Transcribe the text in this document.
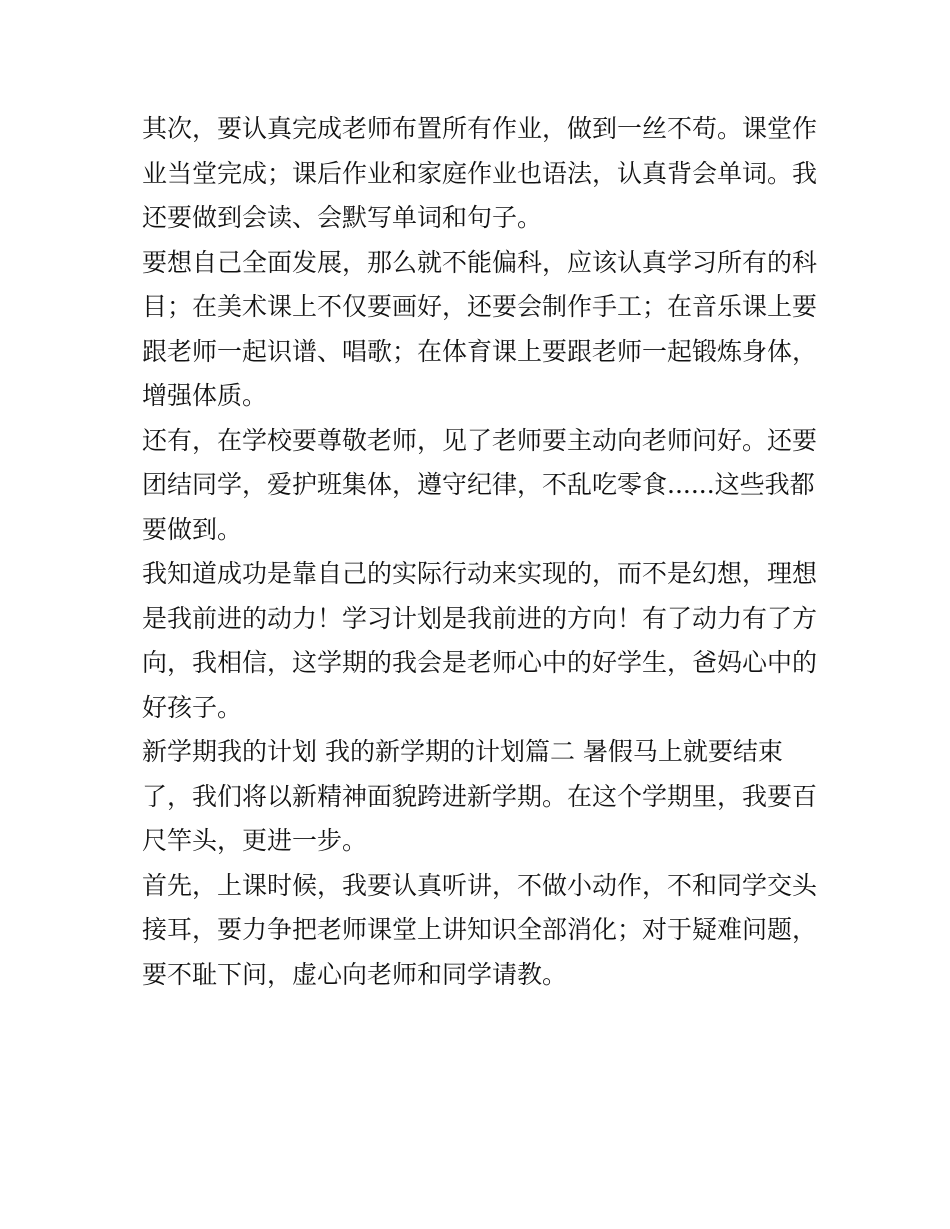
其次，要认真完成老师布置所有作业，做到一丝不苟。课堂作
业当堂完成；课后作业和家庭作业也语法，认真背会单词。我
还要做到会读、会默写单词和句子。
要想自己全面发展，那么就不能偏科，应该认真学习所有的科
目；在美术课上不仅要画好，还要会制作手工；在音乐课上要
跟老师一起识谱、唱歌；在体育课上要跟老师一起锻炼身体，
增强体质。
还有，在学校要尊敬老师，见了老师要主动向老师问好。还要
团结同学，爱护班集体，遵守纪律，不乱吃零食......这些我都
要做到。
我知道成功是靠自己的实际行动来实现的，而不是幻想，理想
是我前进的动力！学习计划是我前进的方向！有了动力有了方
向，我相信，这学期的我会是老师心中的好学生，爸妈心中的
好孩子。
新学期我的计划 我的新学期的计划篇二 暑假马上就要结束
了，我们将以新精神面貌跨进新学期。在这个学期里，我要百
尺竿头，更进一步。
首先，上课时候，我要认真听讲，不做小动作，不和同学交头
接耳，要力争把老师课堂上讲知识全部消化；对于疑难问题，
要不耻下问，虚心向老师和同学请教。
